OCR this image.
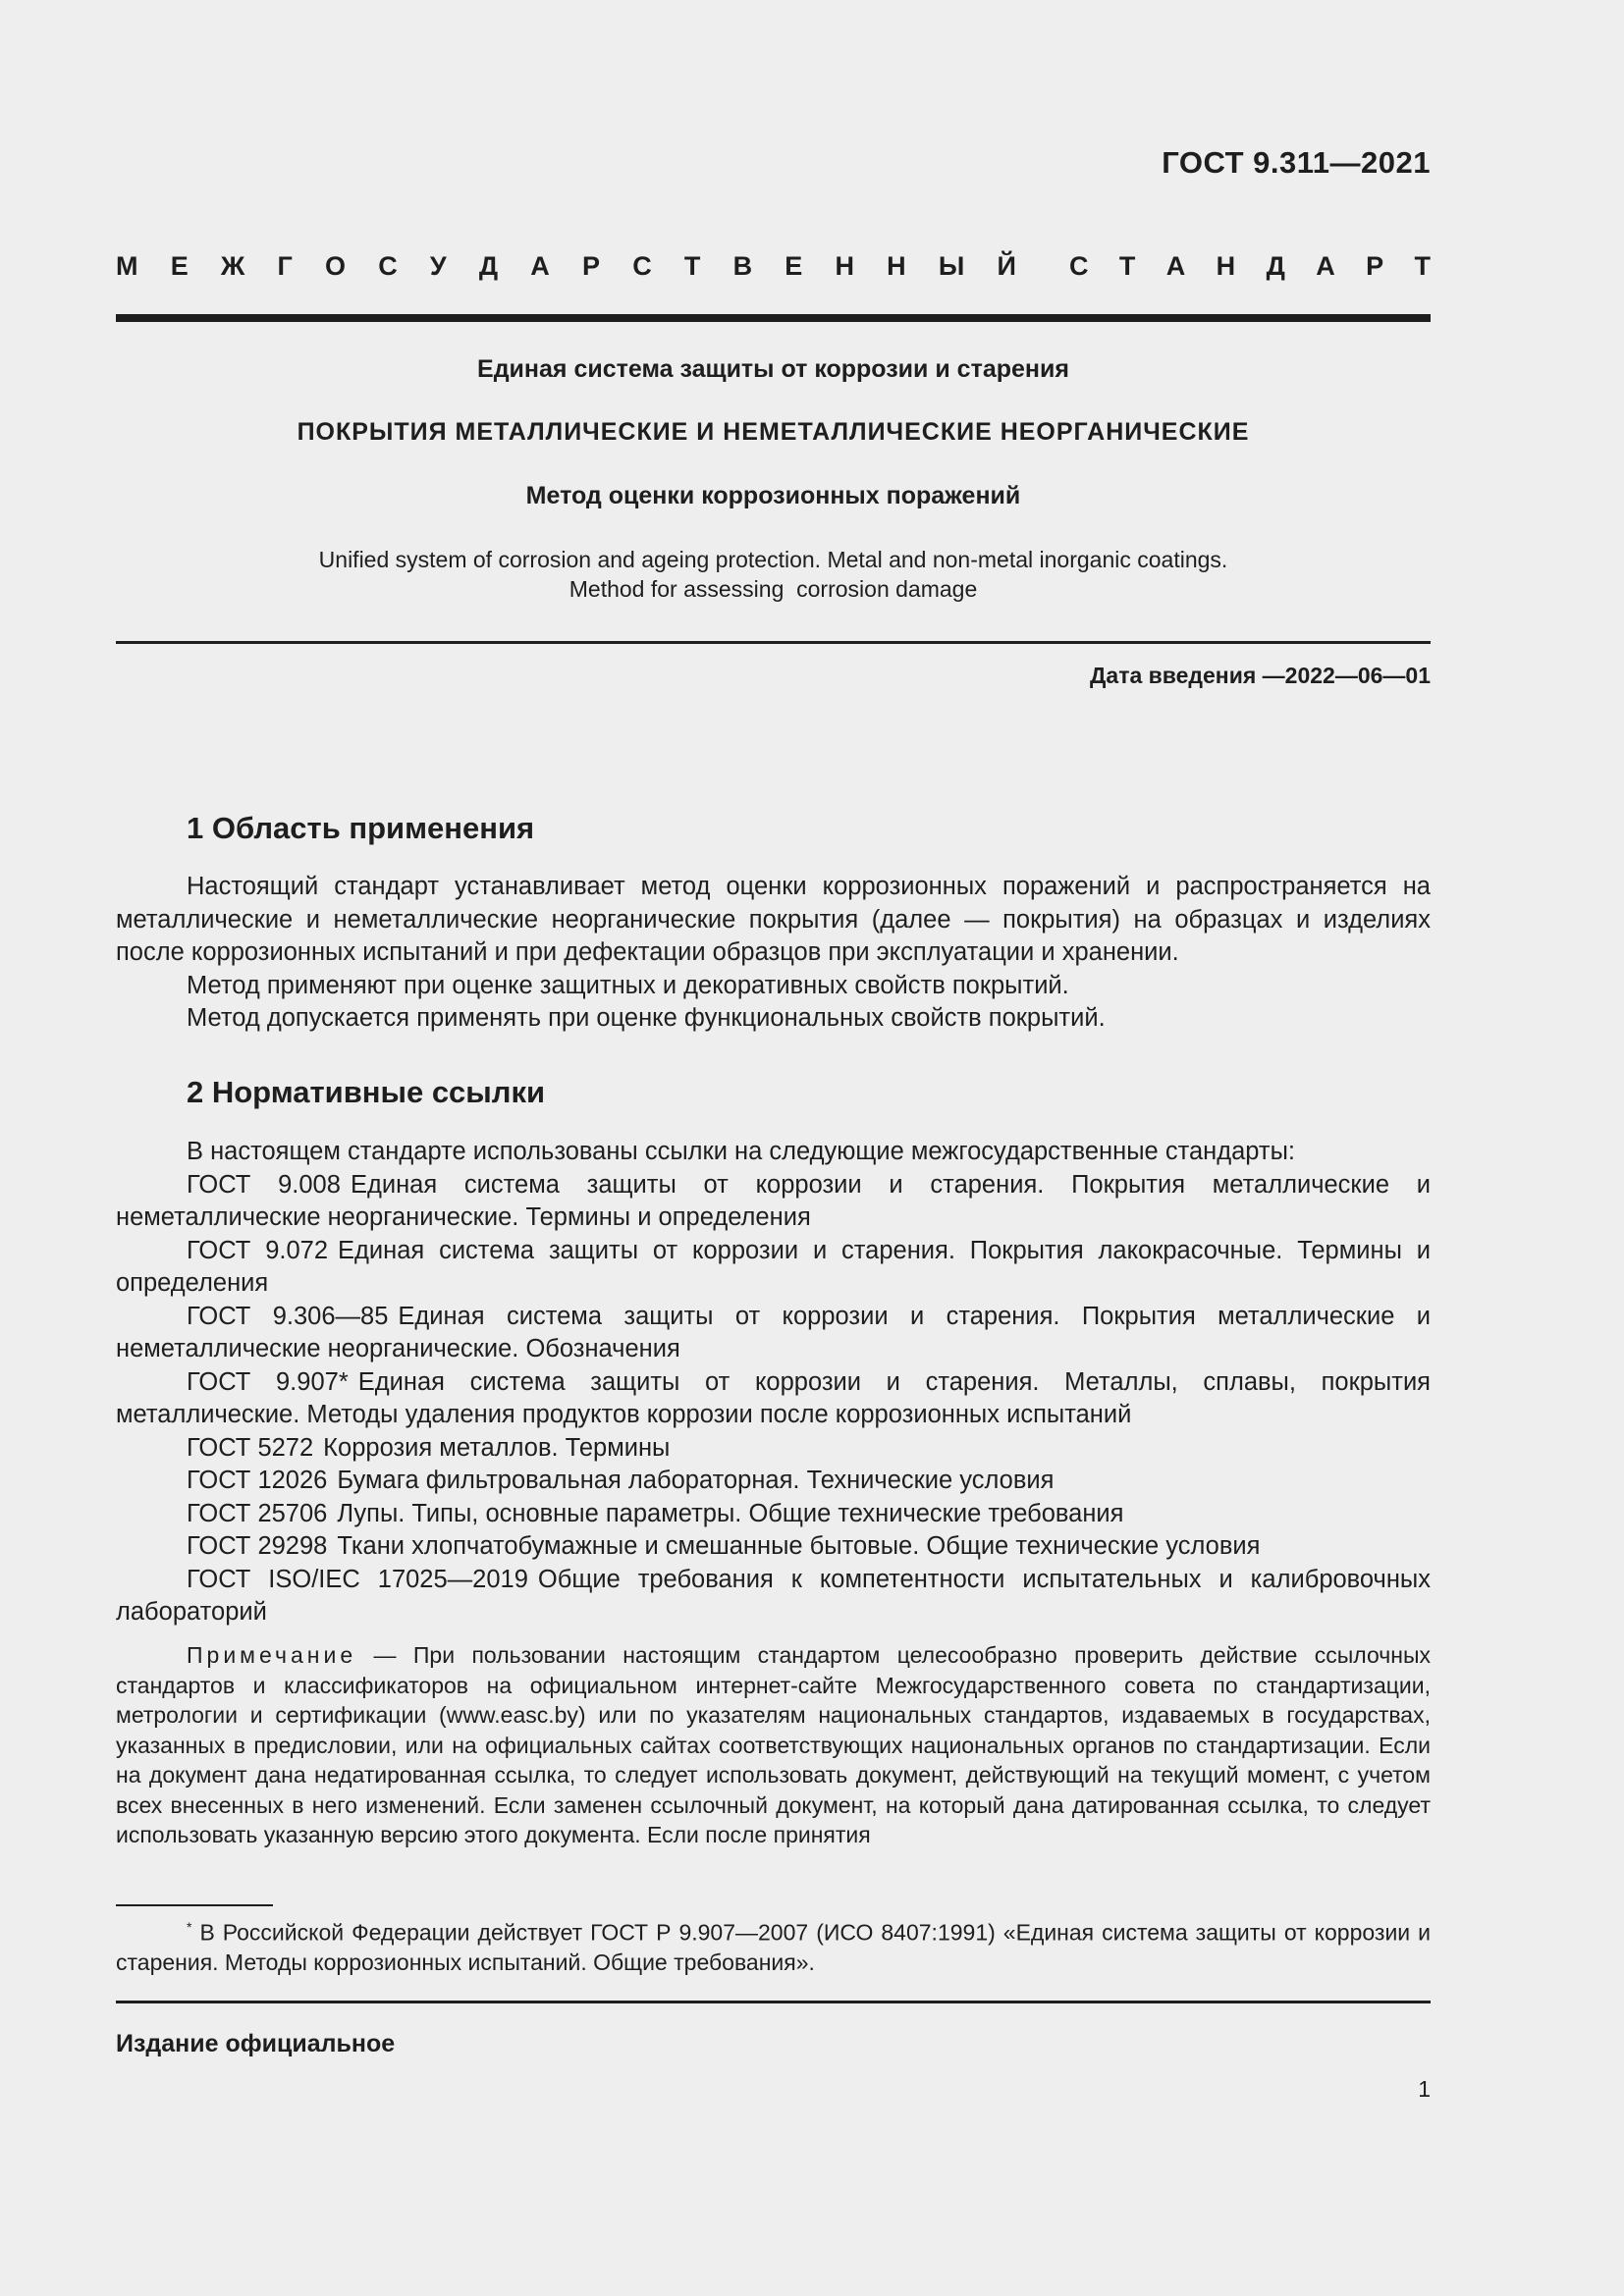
ГОСТ 9.311—2021
М Е Ж Г О С У Д А Р С Т В Е Н Н Ы Й С Т А Н Д А Р Т
Единая система защиты от коррозии и старения
ПОКРЫТИЯ МЕТАЛЛИЧЕСКИЕ И НЕМЕТАЛЛИЧЕСКИЕ НЕОРГАНИЧЕСКИЕ
Метод оценки коррозионных поражений
Unified system of corrosion and ageing protection. Metal and non-metal inorganic coatings.
Method for assessing  corrosion damage
Дата введения —2022—06—01
1 Область применения

Настоящий стандарт устанавливает метод оценки коррозионных поражений и распространяется на металлические и неметаллические неорганические покрытия (далее — покрытия) на образцах и изделиях после коррозионных испытаний и при дефектации образцов при эксплуатации и хранении.

Метод применяют при оценке защитных и декоративных свойств покрытий.

Метод допускается применять при оценке функциональных свойств покрытий.

2 Нормативные ссылки

В настоящем стандарте использованы ссылки на следующие межгосударственные стандарты:

ГОСТ 9.008 Единая система защиты от коррозии и старения. Покрытия металлические и неметаллические неорганические. Термины и определения

ГОСТ 9.072 Единая система защиты от коррозии и старения. Покрытия лакокрасочные. Термины и определения

ГОСТ 9.306—85 Единая система защиты от коррозии и старения. Покрытия металлические и неметаллические неорганические. Обозначения

ГОСТ 9.907* Единая система защиты от коррозии и старения. Металлы, сплавы, покрытия металлические. Методы удаления продуктов коррозии после коррозионных испытаний

ГОСТ 5272 Коррозия металлов. Термины

ГОСТ 12026 Бумага фильтровальная лабораторная. Технические условия

ГОСТ 25706 Лупы. Типы, основные параметры. Общие технические требования

ГОСТ 29298 Ткани хлопчатобумажные и смешанные бытовые. Общие технические условия

ГОСТ ISO/IEC 17025—2019 Общие требования к компетентности испытательных и калибровочных лабораторий

Примечание — При пользовании настоящим стандартом целесообразно проверить действие ссылочных стандартов и классификаторов на официальном интернет-сайте Межгосударственного совета по стандартизации, метрологии и сертификации (www.easc.by) или по указателям национальных стандартов, издаваемых в государствах, указанных в предисловии, или на официальных сайтах соответствующих национальных органов по стандартизации. Если на документ дана недатированная ссылка, то следует использовать документ, действующий на текущий момент, с учетом всех внесенных в него изменений. Если заменен ссылочный документ, на который дана датированная ссылка, то следует использовать указанную версию этого документа. Если после принятия
* В Российской Федерации действует ГОСТ Р 9.907—2007 (ИСО 8407:1991) «Единая система защиты от коррозии и старения. Методы коррозионных испытаний. Общие требования».
Издание официальное
1
